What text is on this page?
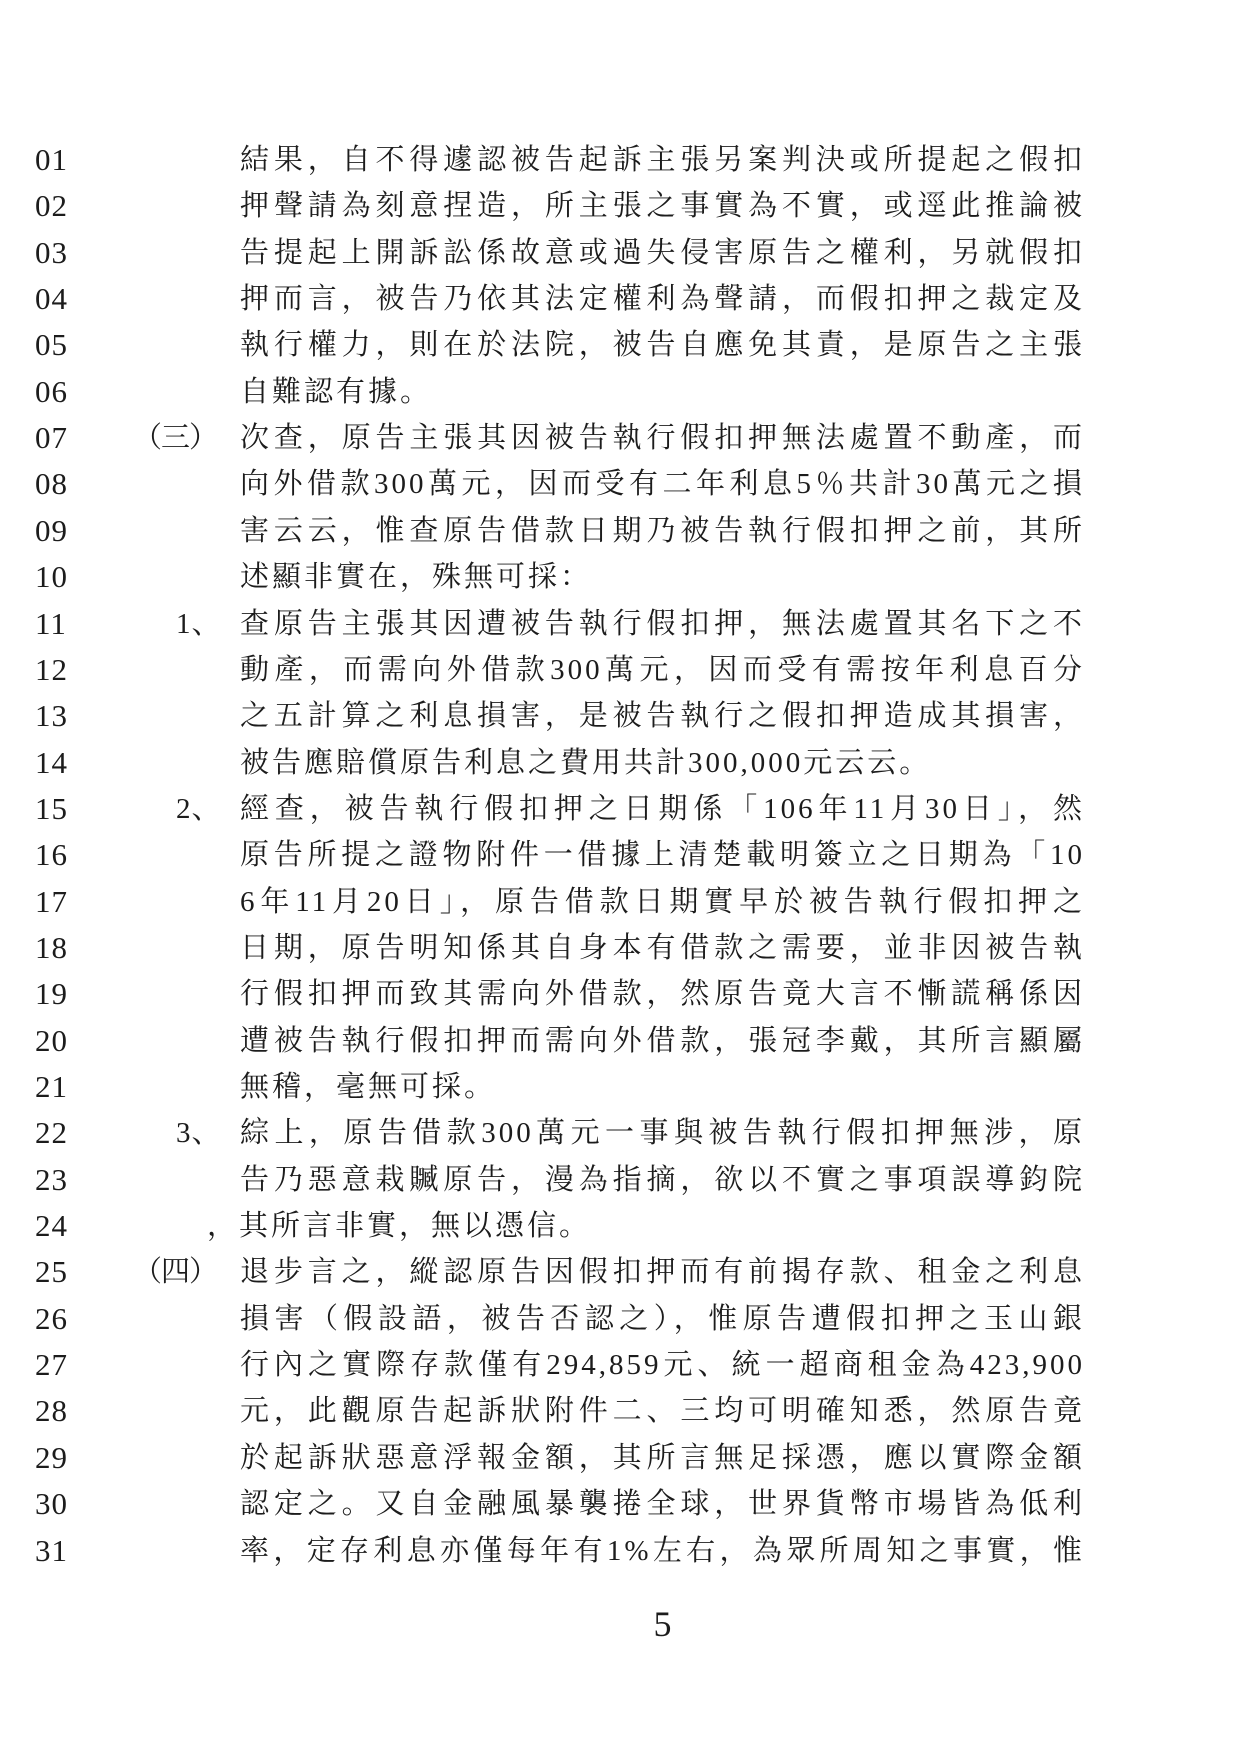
01	結果，自不得遽認被告起訴主張另案判決或所提起之假扣
02	押聲請為刻意捏造，所主張之事實為不實，或逕此推論被
03	告提起上開訴訟係故意或過失侵害原告之權利，另就假扣
04	押而言，被告乃依其法定權利為聲請，而假扣押之裁定及
05	執行權力，則在於法院，被告自應免其責，是原告之主張
06	自難認有據。
07 （三） 次查，原告主張其因被告執行假扣押無法處置不動產，而
08	向外借款300萬元，因而受有二年利息5％共計30萬元之損
09	害云云，惟查原告借款日期乃被告執行假扣押之前，其所
10	述顯非實在，殊無可採：
11	1、 查原告主張其因遭被告執行假扣押，無法處置其名下之不
12	動產，而需向外借款300萬元，因而受有需按年利息百分
13	之五計算之利息損害，是被告執行之假扣押造成其損害，
14	被告應賠償原告利息之費用共計300,000元云云。
15	2、 經查，被告執行假扣押之日期係「106年11月30日」，然
16	原告所提之證物附件一借據上清楚載明簽立之日期為「10
17	6年11月20日」，原告借款日期實早於被告執行假扣押之
18	日期，原告明知係其自身本有借款之需要，並非因被告執
19	行假扣押而致其需向外借款，然原告竟大言不慚謊稱係因
20	遭被告執行假扣押而需向外借款，張冠李戴，其所言顯屬
21	無稽，毫無可採。
22	3、 綜上，原告借款300萬元一事與被告執行假扣押無涉，原
23	告乃惡意栽贓原告，漫為指摘，欲以不實之事項誤導鈞院
24	，其所言非實，無以憑信。
25 （四） 退步言之，縱認原告因假扣押而有前揭存款、租金之利息
26	損害（假設語，被告否認之），惟原告遭假扣押之玉山銀
27	行內之實際存款僅有294,859元、統一超商租金為423,900
28	元，此觀原告起訴狀附件二、三均可明確知悉，然原告竟
29	於起訴狀惡意浮報金額，其所言無足採憑，應以實際金額
30	認定之。又自金融風暴襲捲全球，世界貨幣市場皆為低利
31	率，定存利息亦僅每年有1%左右，為眾所周知之事實，惟
5
